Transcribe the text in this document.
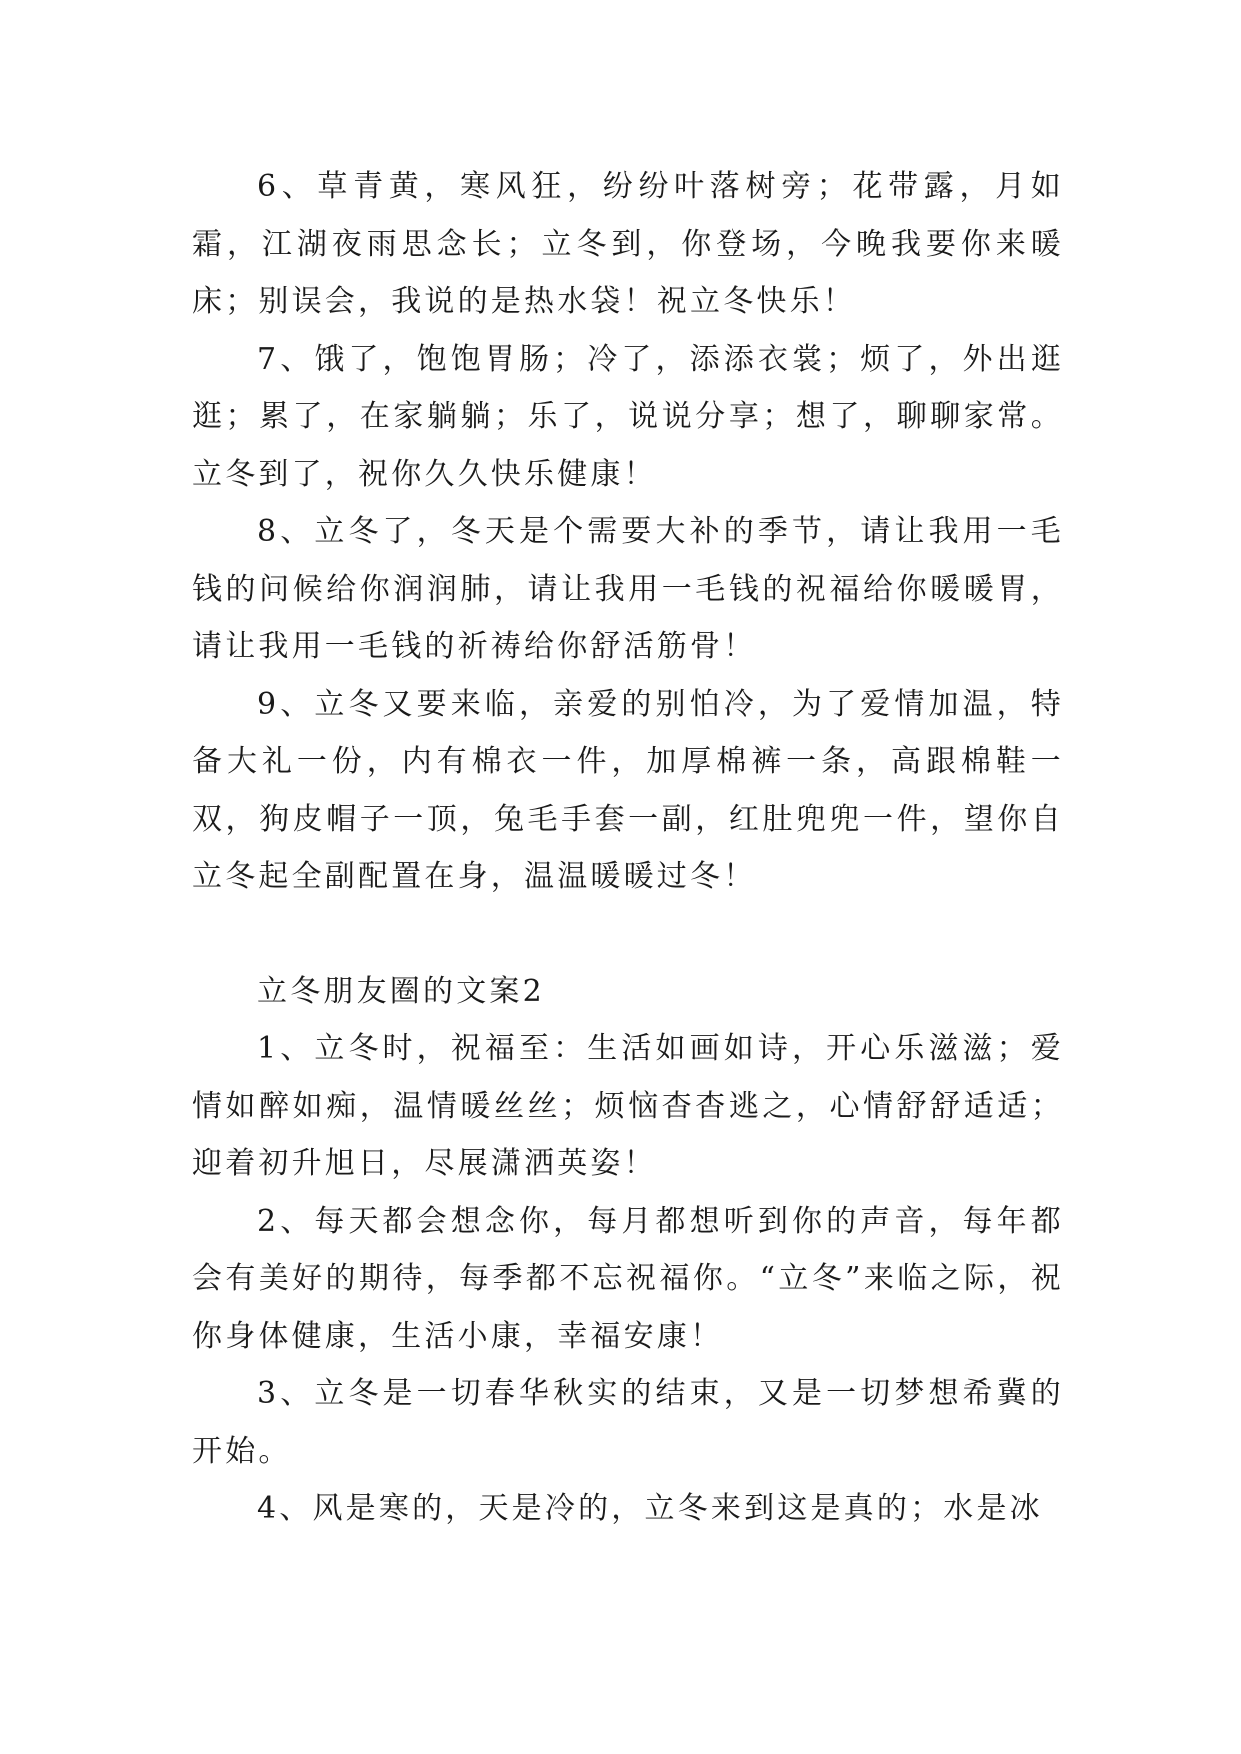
6、草青黄，寒风狂，纷纷叶落树旁；花带露，月如霜，江湖夜雨思念长；立冬到，你登场，今晚我要你来暖床；别误会，我说的是热水袋！祝立冬快乐！

7、饿了，饱饱胃肠；冷了，添添衣裳；烦了，外出逛逛；累了，在家躺躺；乐了，说说分享；想了，聊聊家常。立冬到了，祝你久久快乐健康！

8、立冬了，冬天是个需要大补的季节，请让我用一毛钱的问候给你润润肺，请让我用一毛钱的祝福给你暖暖胃，请让我用一毛钱的祈祷给你舒活筋骨！

9、立冬又要来临，亲爱的别怕冷，为了爱情加温，特备大礼一份，内有棉衣一件，加厚棉裤一条，高跟棉鞋一双，狗皮帽子一顶，兔毛手套一副，红肚兜兜一件，望你自立冬起全副配置在身，温温暖暖过冬！

立冬朋友圈的文案2

1、立冬时，祝福至：生活如画如诗，开心乐滋滋；爱情如醉如痴，温情暖丝丝；烦恼杳杳逃之，心情舒舒适适；迎着初升旭日，尽展潇洒英姿！

2、每天都会想念你，每月都想听到你的声音，每年都会有美好的期待，每季都不忘祝福你。“立冬”来临之际，祝你身体健康，生活小康，幸福安康！

3、立冬是一切春华秋实的结束，又是一切梦想希冀的开始。

4、风是寒的，天是冷的，立冬来到这是真的；水是冰
